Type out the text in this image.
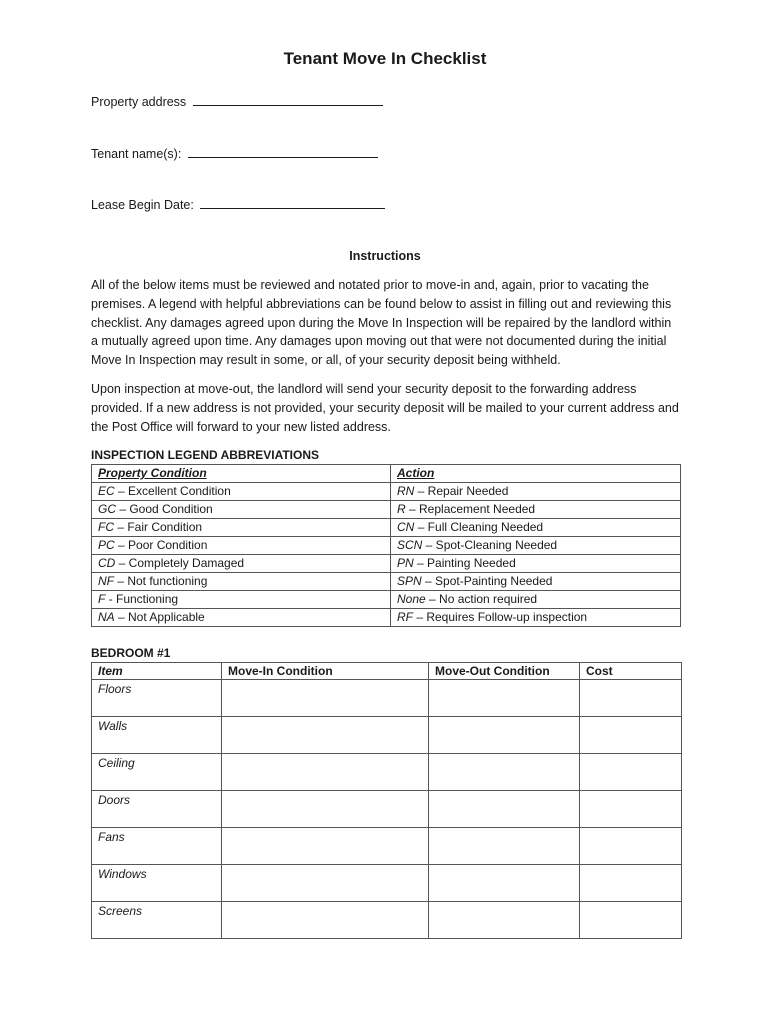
Tenant Move In Checklist
Property address
Tenant name(s):
Lease Begin Date:
Instructions

All of the below items must be reviewed and notated prior to move-in and, again, prior to vacating the premises. A legend with helpful abbreviations can be found below to assist in filling out and reviewing this checklist. Any damages agreed upon during the Move In Inspection will be repaired by the landlord within a mutually agreed upon time. Any damages upon moving out that were not documented during the initial Move In Inspection may result in some, or all, of your security deposit being withheld.

Upon inspection at move-out, the landlord will send your security deposit to the forwarding address provided. If a new address is not provided, your security deposit will be mailed to your current address and the Post Office will forward to your new listed address.

INSPECTION LEGEND ABBREVIATIONS
Property Condition	Action
EC – Excellent Condition	RN – Repair Needed
GC – Good Condition	R – Replacement Needed
FC – Fair Condition	CN – Full Cleaning Needed
PC – Poor Condition	SCN – Spot-Cleaning Needed
CD – Completely Damaged	PN – Painting Needed
NF – Not functioning	SPN – Spot-Painting Needed
F - Functioning	None – No action required
NA – Not Applicable	RF – Requires Follow-up inspection
BEDROOM #1
Item	Move-In Condition	Move-Out Condition	Cost
Floors			
Walls			
Ceiling			
Doors			
Fans			
Windows			
Screens			
